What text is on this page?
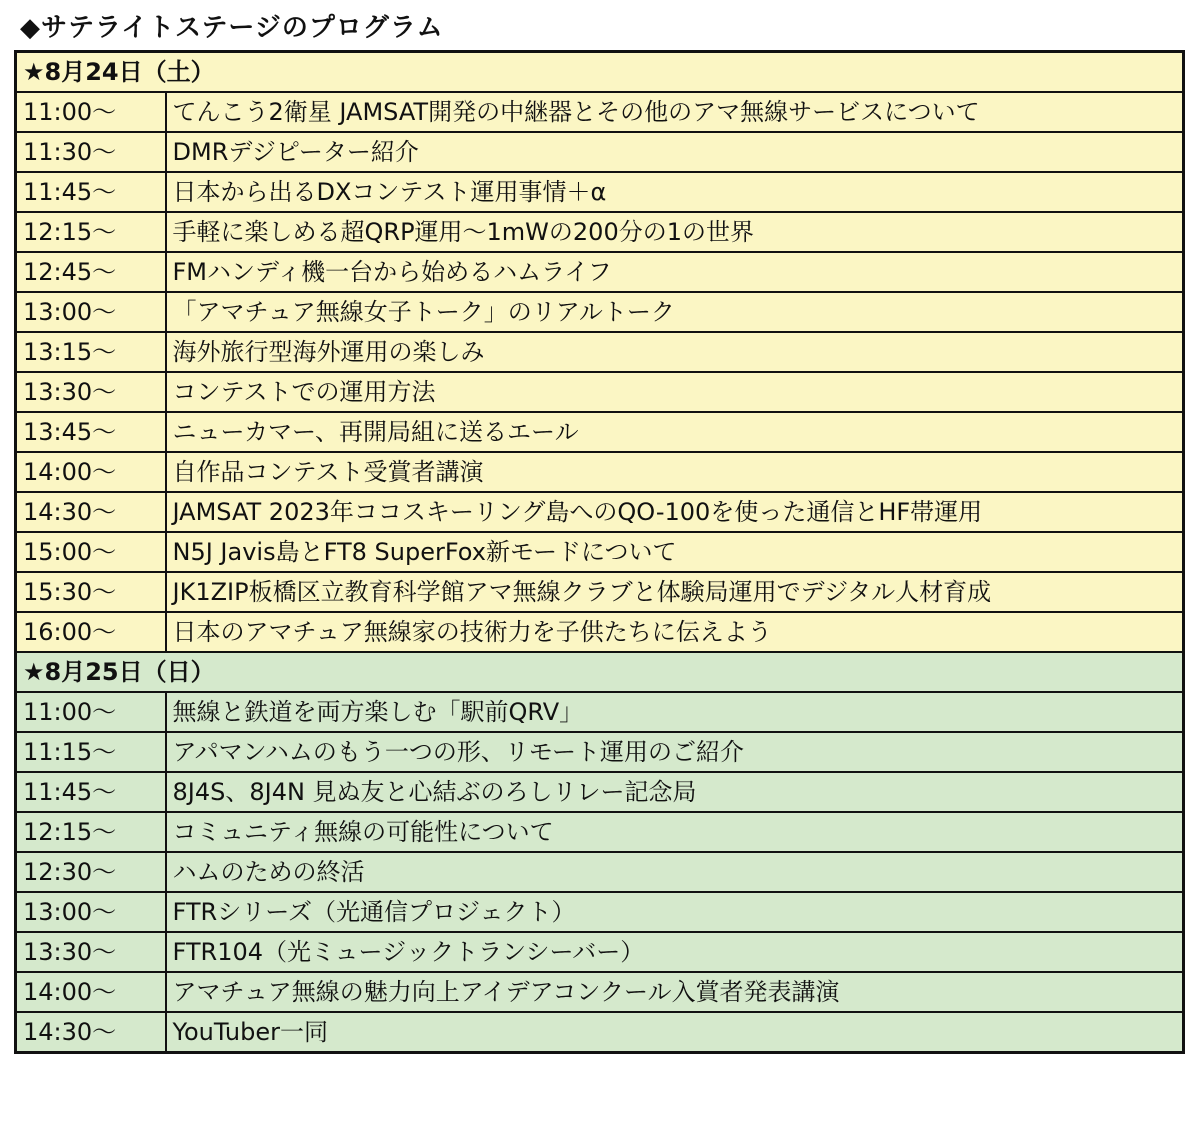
◆サテライトステージのプログラム
★8月24日（土）	
11:00～	てんこう2衛星 JAMSAT開発の中継器とその他のアマ無線サービスについて
11:30～	DMRデジピーター紹介
11:45～	日本から出るDXコンテスト運用事情＋α
12:15～	手軽に楽しめる超QRP運用～1mWの200分の1の世界
12:45～	FMハンディ機一台から始めるハムライフ
13:00～	「アマチュア無線女子トーク」のリアルトーク
13:15～	海外旅行型海外運用の楽しみ
13:30～	コンテストでの運用方法
13:45～	ニューカマー、再開局組に送るエール
14:00～	自作品コンテスト受賞者講演
14:30～	JAMSAT 2023年ココスキーリング島へのQO-100を使った通信とHF帯運用
15:00～	N5J Javis島とFT8 SuperFox新モードについて
15:30～	JK1ZIP板橋区立教育科学館アマ無線クラブと体験局運用でデジタル人材育成
16:00～	日本のアマチュア無線家の技術力を子供たちに伝えよう
★8月25日（日）	
11:00～	無線と鉄道を両方楽しむ「駅前QRV」
11:15～	アパマンハムのもう一つの形、リモート運用のご紹介
11:45～	8J4S、8J4N 見ぬ友と心結ぶのろしリレー記念局
12:15～	コミュニティ無線の可能性について
12:30～	ハムのための終活
13:00～	FTRシリーズ（光通信プロジェクト）
13:30～	FTR104（光ミュージックトランシーバー）
14:00～	アマチュア無線の魅力向上アイデアコンクール入賞者発表講演
14:30～	YouTuber一同
